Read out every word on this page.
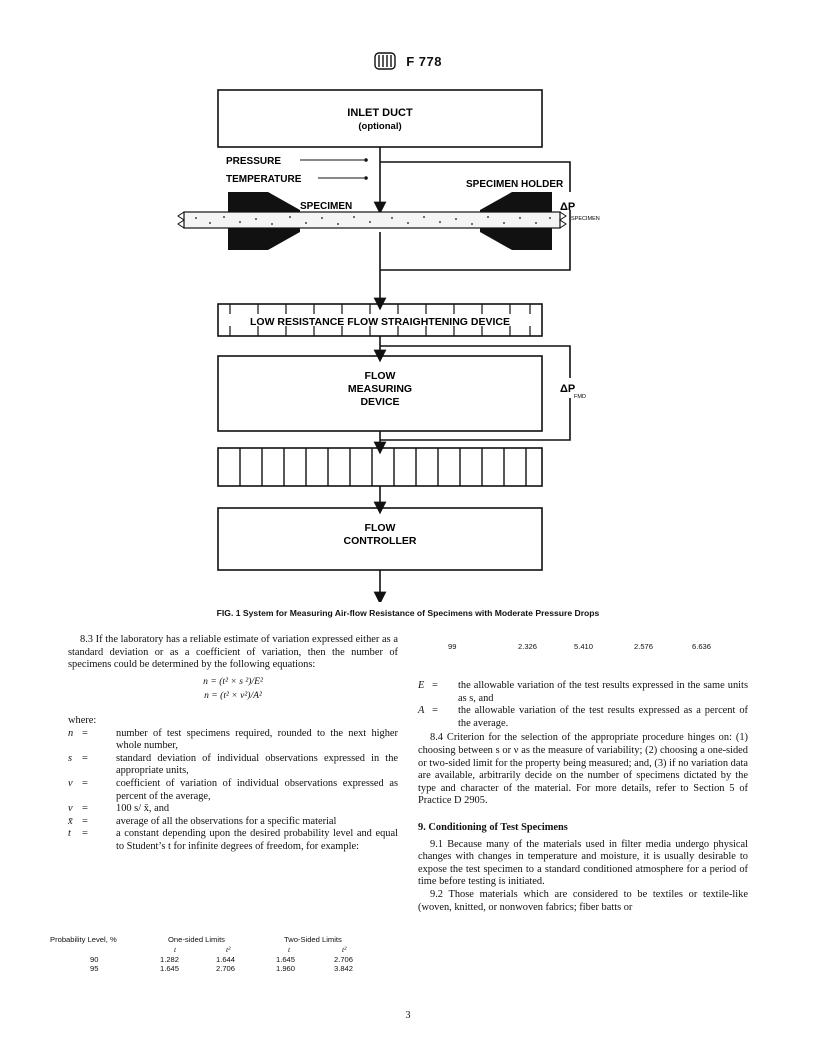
F 778
INLET DUCT
(optional)
PRESSURE
TEMPERATURE	SPECIMEN HOLDER
SPECIMEN	ΔP
SPECIMEN
LOW RESISTANCE FLOW STRAIGHTENING DEVICE
FLOW
MEASURING
DEVICE
ΔP
FMD
FLOW
CONTROLLER
FIG. 1 System for Measuring Air-flow Resistance of Specimens with Moderate Pressure Drops

8.3 If the laboratory has a reliable estimate of variation expressed either as a standard deviation or as a coefficient of variation, then the number of specimens could be determined by the following equations:

n = (t² × s ²)/E²
n = (t² × v²)/A²

where:

n =	number of test specimens required, rounded to the next higher whole number,
s =	standard deviation of individual observations expressed in the appropriate units,
ν =	coefficient of variation of individual observations expressed as percent of the average,
ν =	100 s/ x̄, and
x̄ =	average of all the observations for a specific material
t	=	a constant depending upon the desired probability level and equal to Student’s t for infinite degrees of freedom, for example:
Probability Level, %	One-sided Limits	Two-Sided Limits
t	t²	t	t²
90	1.282	1.644	1.645	2.706
95	1.645	2.706	1.960	3.842
99	2.326	5.410	2.576	6.636
E = the allowable variation of the test results expressed in the same units as s, and
A = the allowable variation of the test results expressed as a percent of the average.

8.4 Criterion for the selection of the appropriate procedure hinges on: (1) choosing between s or ν as the measure of variability; (2) choosing a one-sided or two-sided limit for the property being measured; and, (3) if no variation data are available, arbitrarily decide on the number of specimens dictated by the type and character of the material. For more details, refer to Section 5 of Practice D 2905.

9. Conditioning of Test Specimens

9.1 Because many of the materials used in filter media undergo physical changes with changes in temperature and moisture, it is usually desirable to expose the test specimen to a standard conditioned atmosphere for a period of time before testing is initiated.

9.2 Those materials which are considered to be textiles or textile-like (woven, knitted, or nonwoven fabrics; fiber batts or

3
